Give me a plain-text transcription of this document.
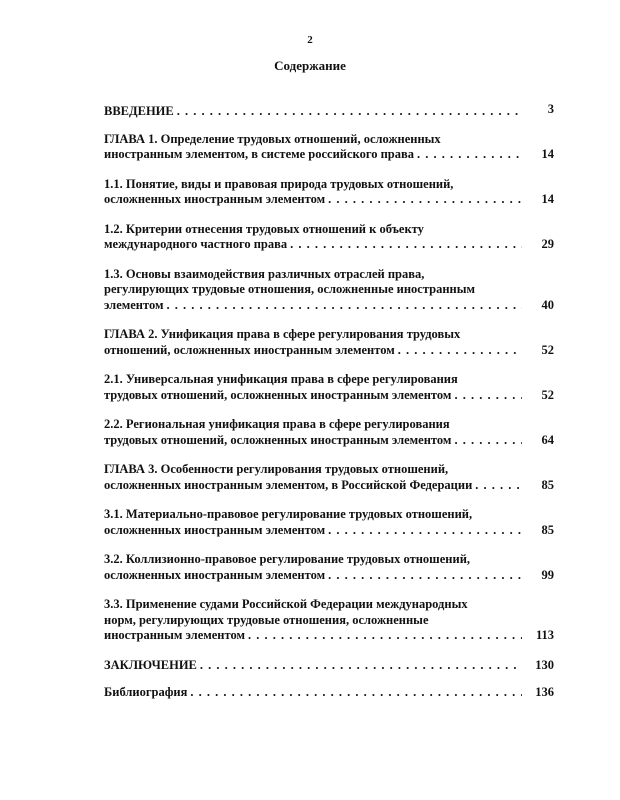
2
Содержание
ВВЕДЕНИЕ . . .	3
ГЛАВА 1. Определение трудовых отношений, осложненных
иностранным элементом, в системе российского права . . .	14
1.1. Понятие, виды и правовая природа трудовых отношений,
осложненных иностранным элементом . . .	14
1.2. Критерии отнесения трудовых отношений к объекту
международного частного права . . .	29
1.3. Основы взаимодействия различных отраслей права,
регулирующих трудовые отношения, осложненные иностранным
элементом . . .	40
ГЛАВА 2. Унификация права в сфере регулирования трудовых
отношений, осложненных иностранным элементом . . .	52
2.1. Универсальная унификация права в сфере регулирования
трудовых отношений, осложненных иностранным элементом . . .	52
2.2. Региональная унификация права в сфере регулирования
трудовых отношений, осложненных иностранным элементом . . .	64
ГЛАВА 3. Особенности регулирования трудовых отношений,
осложненных иностранным элементом, в Российской Федерации . . .	85
3.1. Материально-правовое регулирование трудовых отношений,
осложненных иностранным элементом . . .	85
3.2. Коллизионно-правовое регулирование трудовых отношений,
осложненных иностранным элементом . . .	99
3.3. Применение судами Российской Федерации международных
норм, регулирующих трудовые отношения, осложненные
иностранным элементом . . .	113
ЗАКЛЮЧЕНИЕ . . .	130
Библиография . . .	136
